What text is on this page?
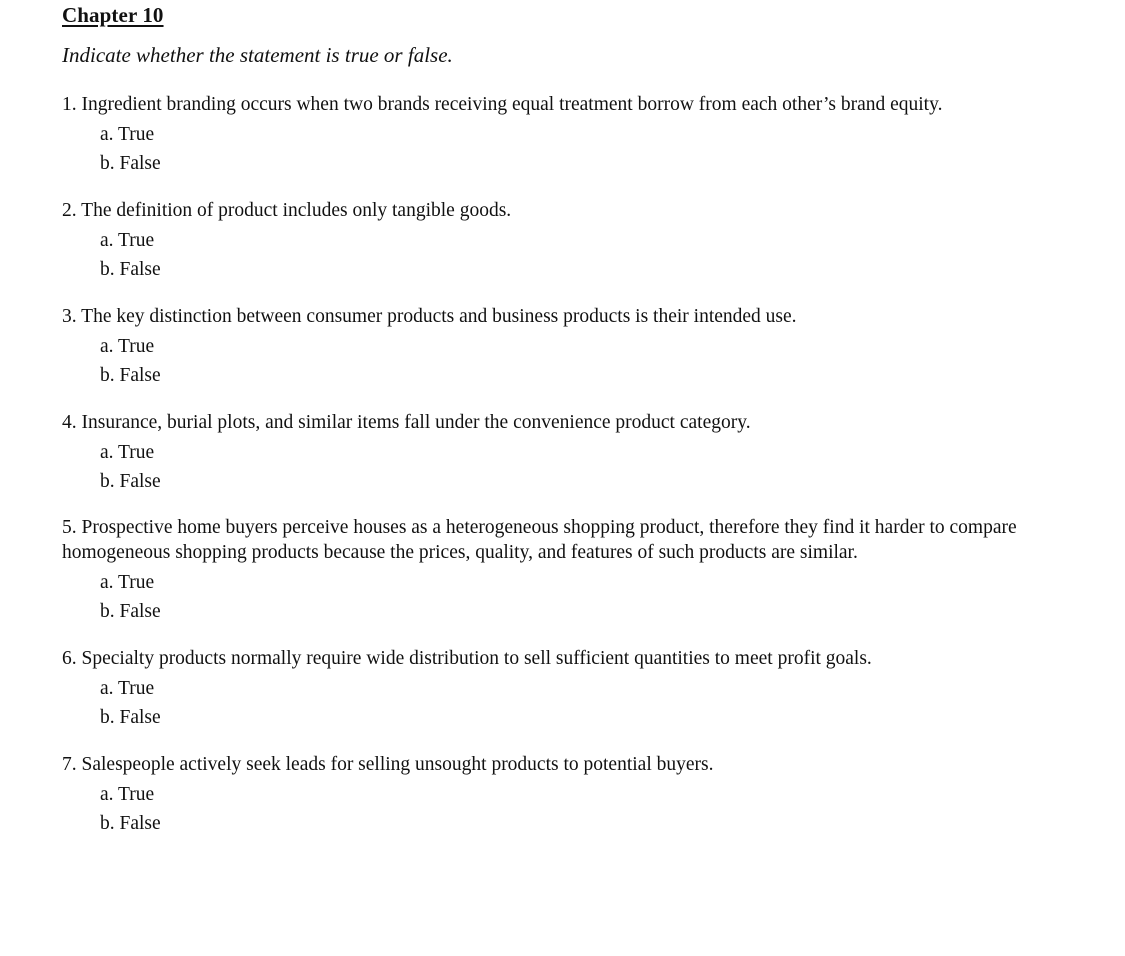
Chapter 10

Indicate whether the statement is true or false.

1. Ingredient branding occurs when two brands receiving equal treatment borrow from each other’s brand equity.

a. True
b. False

2. The definition of product includes only tangible goods.

a. True
b. False

3. The key distinction between consumer products and business products is their intended use.

a. True
b. False

4. Insurance, burial plots, and similar items fall under the convenience product category.

a. True
b. False

5. Prospective home buyers perceive houses as a heterogeneous shopping product, therefore they find it harder to compare homogeneous shopping products because the prices, quality, and features of such products are similar.

a. True
b. False

6. Specialty products normally require wide distribution to sell sufficient quantities to meet profit goals.

a. True
b. False

7. Salespeople actively seek leads for selling unsought products to potential buyers.

a. True
b. False
